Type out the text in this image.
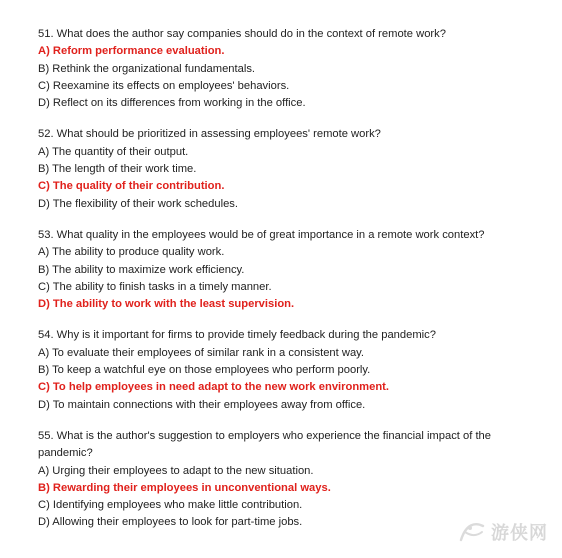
51. What does the author say companies should do in the context of remote work?

A) Reform performance evaluation.

B) Rethink the organizational fundamentals.

C) Reexamine its effects on employees' behaviors.

D) Reflect on its differences from working in the office.

52. What should be prioritized in assessing employees' remote work?

A) The quantity of their output.

B) The length of their work time.

C) The quality of their contribution.

D) The flexibility of their work schedules.

53. What quality in the employees would be of great importance in a remote work context?

A) The ability to produce quality work.

B) The ability to maximize work efficiency.

C) The ability to finish tasks in a timely manner.

D) The ability to work with the least supervision.

54. Why is it important for firms to provide timely feedback during the pandemic?

A) To evaluate their employees of similar rank in a consistent way.

B) To keep a watchful eye on those employees who perform poorly.

C) To help employees in need adapt to the new work environment.

D) To maintain connections with their employees away from office.

55. What is the author's suggestion to employers who experience the financial impact of the pandemic?

A) Urging their employees to adapt to the new situation.

B) Rewarding their employees in unconventional ways.

C) Identifying employees who make little contribution.

D) Allowing their employees to look for part-time jobs.

游侠网
